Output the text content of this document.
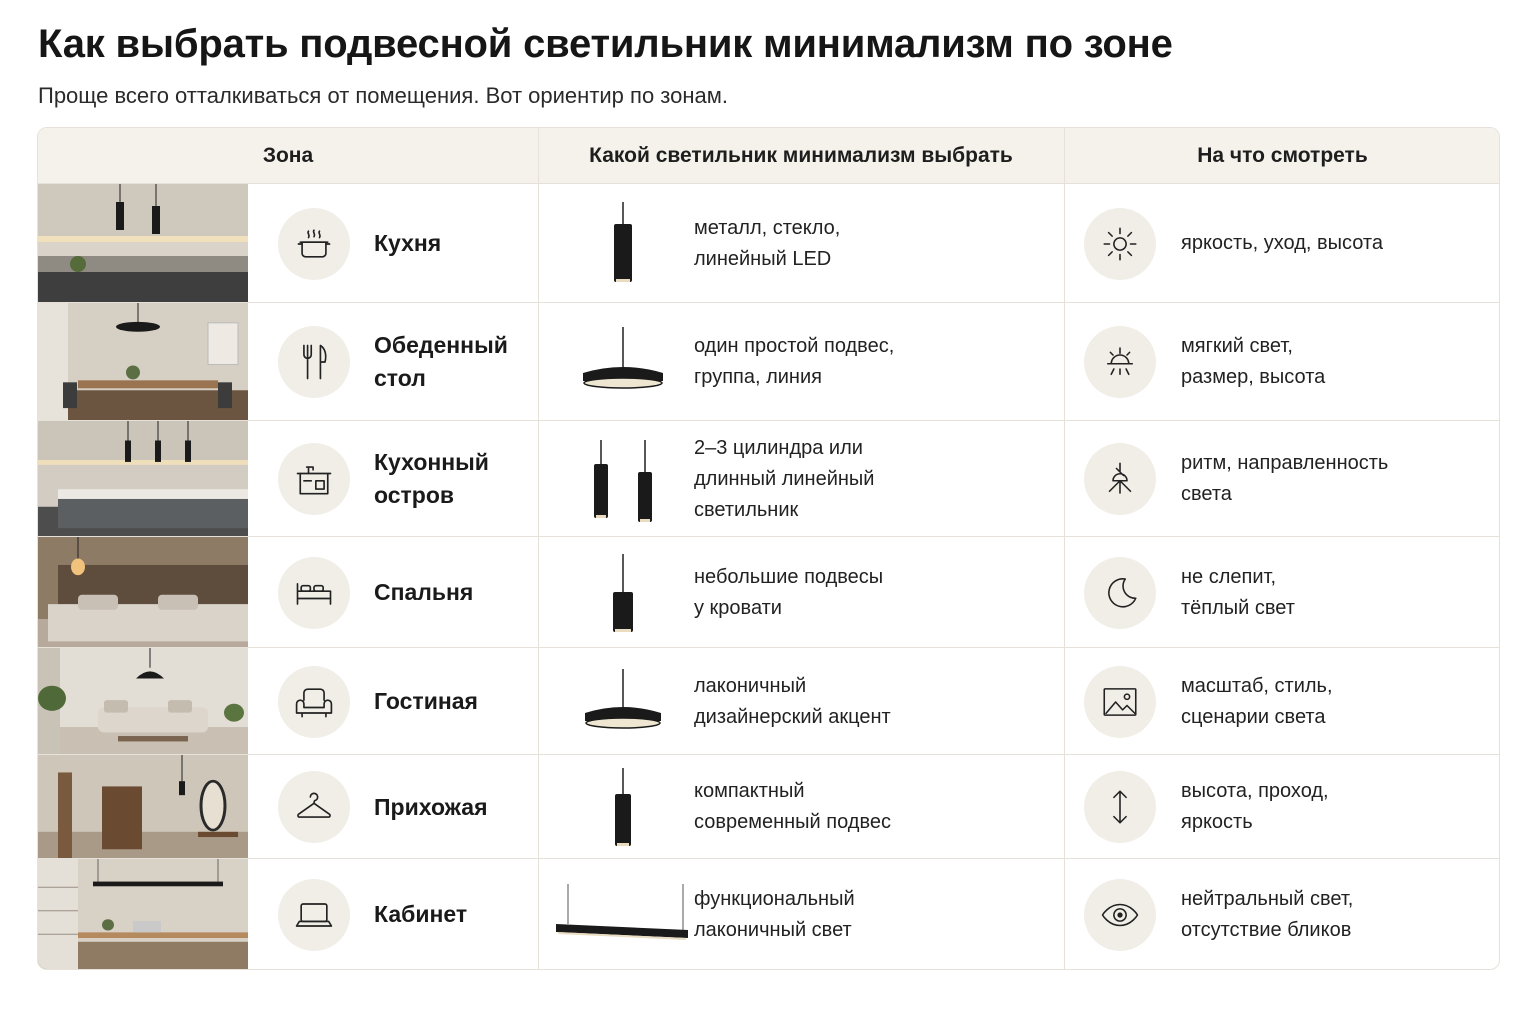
Как выбрать подвесной светильник минимализм по зоне
Проще всего отталкиваться от помещения. Вот ориентир по зонам.
Зона	Какой светильник минимализм выбрать	На что смотреть
Кухня
металл, стекло,
линейный LED
яркость, уход, высота
Обеденный
стол
один простой подвес,
группа, линия
мягкий свет,
размер, высота
Кухонный
остров
2–3 цилиндра или
длинный линейный
светильник
ритм, направленность
света
Спальня
небольшие подвесы
у кровати
не слепит,
тёплый свет
Гостиная
лаконичный
дизайнерский акцент
масштаб, стиль,
сценарии света
Прихожая
компактный
современный подвес
высота, проход,
яркость
Кабинет
функциональный
лаконичный свет
нейтральный свет,
отсутствие бликов
